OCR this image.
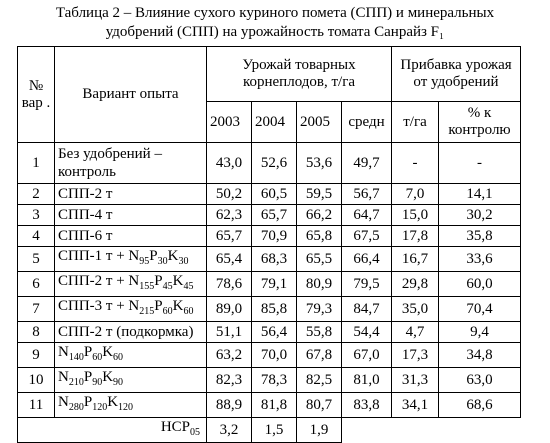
Таблица 2 – Влияние сухого куриного помета (СПП) и минеральных
удобрений (СПП) на урожайность томата Санрайз F₁
№ вар .	Вариант опыта	Урожай товарных корнеплодов, т/га				Прибавка урожая от удобрений	
		2003	2004	2005	средн	т/га	% к контролю
1	Без удобрений – контроль	43,0	52,6	53,6	49,7	-	-
2	СПП-2 т	50,2	60,5	59,5	56,7	7,0	14,1
3	СПП-4 т	62,3	65,7	66,2	64,7	15,0	30,2
4	СПП-6 т	65,7	70,9	65,8	67,5	17,8	35,8
5	СПП-1 $т + N_{95}P_{30}K_{30}$	65,4	68,3	65,5	66,4	16,7	33,6
6	СПП-2 $т + N_{155}P_{45}K_{45}$	78,6	79,1	80,9	79,5	29,8	60,0
7	СПП-3 $т + N_{215}P_{60}K_{60}$	89,0	85,8	79,3	84,7	35,0	70,4
8	СПП-2 т (подкормка)	51,1	56,4	55,8	54,4	4,7	9,4
9	$N_{140}P_{60}K_{60}$	63,2	70,0	67,8	67,0	17,3	34,8
10	$N_{210}P_{90}K_{90}$	82,3	78,3	82,5	81,0	31,3	63,0
11	$N_{280}P_{120}K_{120}$	88,9	81,8	80,7	83,8	34,1	68,6
$НСР_{05}$		3,2	1,5	1,9			
